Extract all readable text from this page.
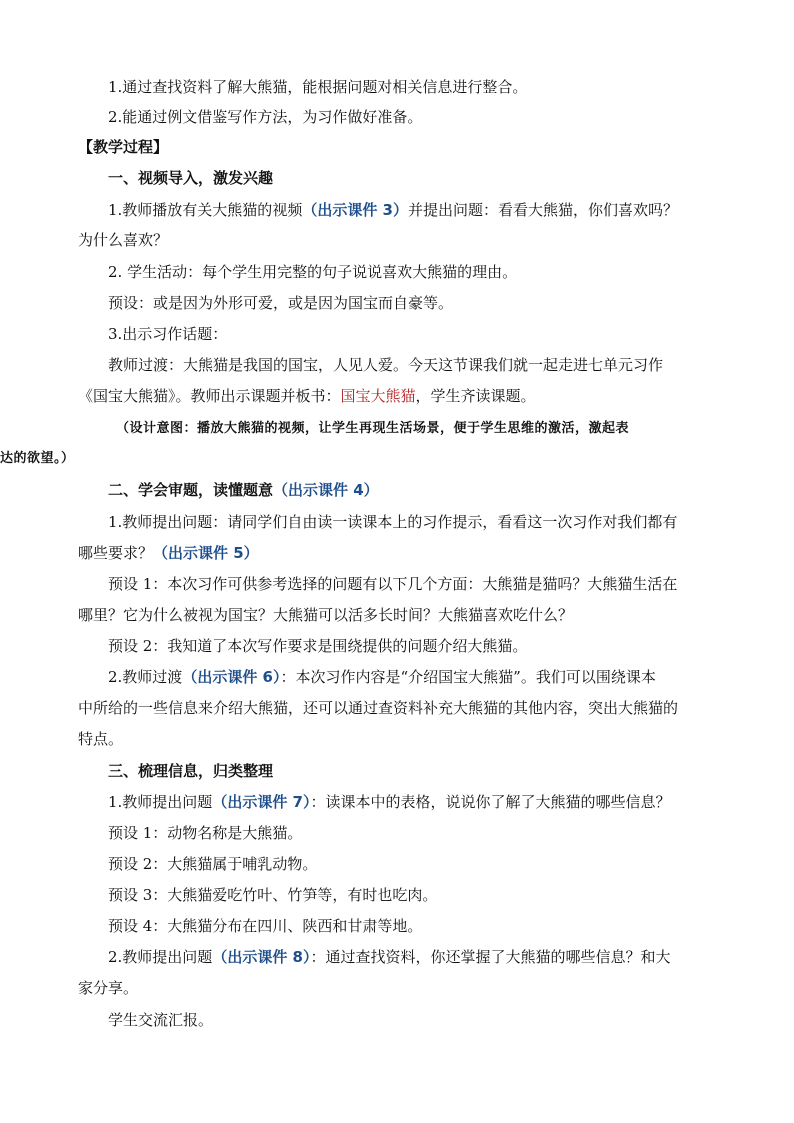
1.通过查找资料了解大熊猫，能根据问题对相关信息进行整合。
2.能通过例文借鉴写作方法，为习作做好准备。
【教学过程】
一、视频导入，激发兴趣
1.教师播放有关大熊猫的视频（出示课件 3）并提出问题：看看大熊猫，你们喜欢吗？
为什么喜欢？
2. 学生活动：每个学生用完整的句子说说喜欢大熊猫的理由。
预设：或是因为外形可爱，或是因为国宝而自豪等。
3.出示习作话题：
教师过渡：大熊猫是我国的国宝，人见人爱。今天这节课我们就一起走进七单元习作
《国宝大熊猫》。教师出示课题并板书：国宝大熊猫，学生齐读课题。
（设计意图：播放大熊猫的视频，让学生再现生活场景，便于学生思维的激活，激起表
达的欲望。）
二、学会审题，读懂题意（出示课件 4）
1.教师提出问题：请同学们自由读一读课本上的习作提示，看看这一次习作对我们都有
哪些要求？（出示课件 5）
预设 1：本次习作可供参考选择的问题有以下几个方面：大熊猫是猫吗？大熊猫生活在
哪里？它为什么被视为国宝？大熊猫可以活多长时间？大熊猫喜欢吃什么？
预设 2：我知道了本次写作要求是围绕提供的问题介绍大熊猫。
2.教师过渡（出示课件 6）：本次习作内容是“介绍国宝大熊猫”。我们可以围绕课本
中所给的一些信息来介绍大熊猫，还可以通过查资料补充大熊猫的其他内容，突出大熊猫的
特点。
三、梳理信息，归类整理
1.教师提出问题（出示课件 7）：读课本中的表格，说说你了解了大熊猫的哪些信息？
预设 1：动物名称是大熊猫。
预设 2：大熊猫属于哺乳动物。
预设 3：大熊猫爱吃竹叶、竹笋等，有时也吃肉。
预设 4：大熊猫分布在四川、陕西和甘肃等地。
2.教师提出问题（出示课件 8）：通过查找资料，你还掌握了大熊猫的哪些信息？和大
家分享。
学生交流汇报。
